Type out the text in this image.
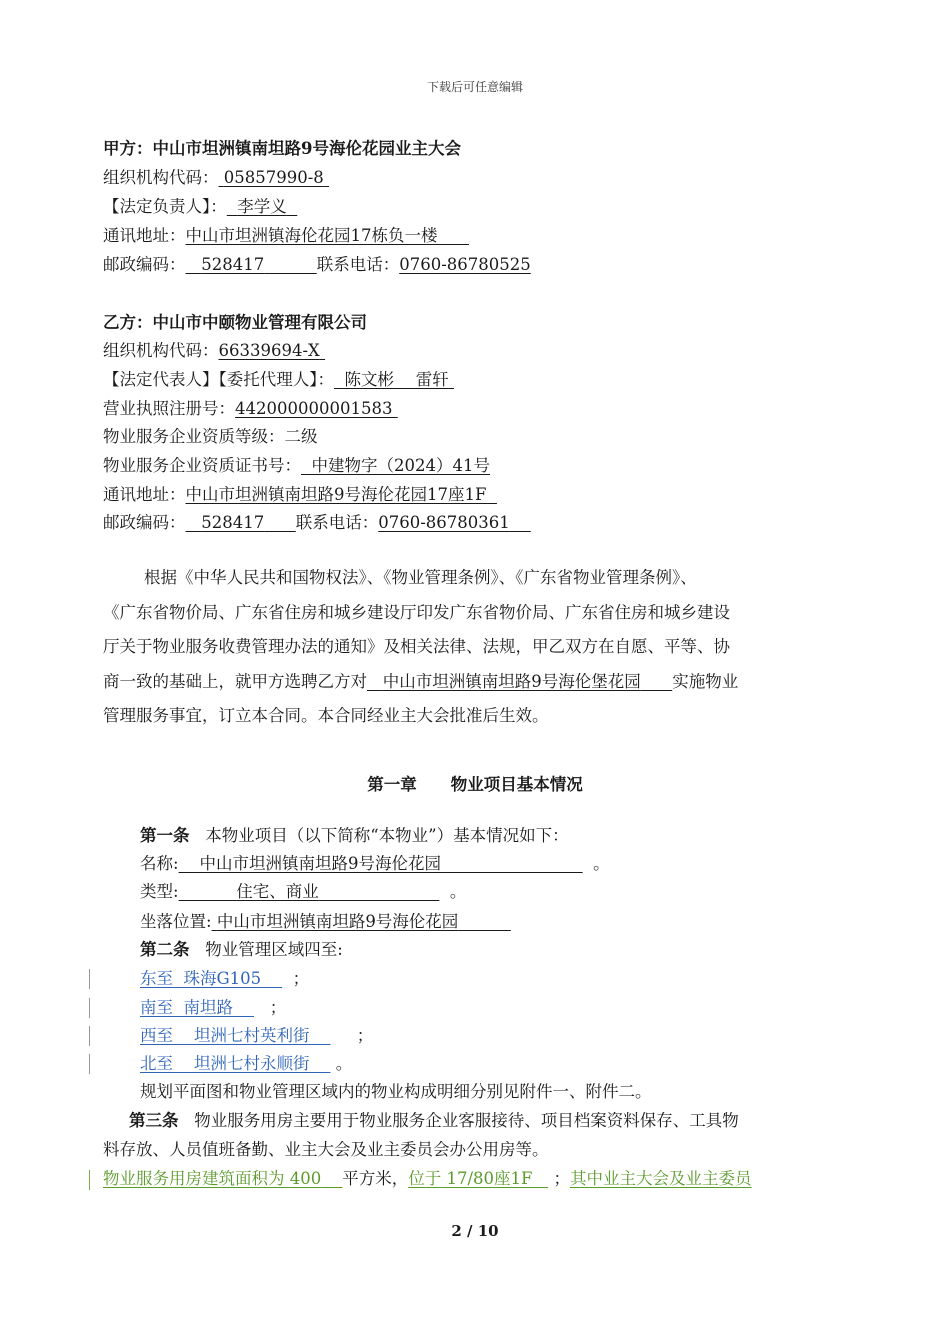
下载后可任意编辑
甲方：中山市坦洲镇南坦路9号海伦花园业主大会
组织机构代码： 05857990-8
【法定负责人】： 李学义
通讯地址：中山市坦洲镇海伦花园17栋负一楼
邮政编码： 528417	联系电话：0760-86780525
乙方：中山市中颐物业管理有限公司
组织机构代码：66339694-X
【法定代表人】【委托代理人】： 陈文彬　 雷轩
营业执照注册号：442000000001583
物业服务企业资质等级：二级
物业服务企业资质证书号： 中建物字（2024）41号
通讯地址：中山市坦洲镇南坦路9号海伦花园17座1F
邮政编码： 528417 联系电话：0760-86780361
根据《中华人民共和国物权法》、《物业管理条例》、《广东省物业管理条例》、
《广东省物价局、广东省住房和城乡建设厅印发广东省物价局、广东省住房和城乡建设
厅关于物业服务收费管理办法的通知》及相关法律、法规，甲乙双方在自愿、平等、协
商一致的基础上，就甲方选聘乙方对 中山市坦洲镇南坦路9号海伦堡花园 实施物业
管理服务事宜，订立本合同。本合同经业主大会批准后生效。
第一章 物业项目基本情况
第一条 本物业项目（以下简称“本物业”）基本情况如下：
名称: 中山市坦洲镇南坦路9号海伦花园	。
类型:	住宅、商业	。
坐落位置: 中山市坦洲镇南坦路9号海伦花园
第二条 物业管理区域四至:
东至 珠海G105 ；
南至 南坦路 ；
西至 坦洲七村英利街	；
北至 坦洲七村永顺街 。
规划平面图和物业管理区域内的物业构成明细分别见附件一、附件二。
第三条 物业服务用房主要用于物业服务企业客服接待、项目档案资料保存、工具物
料存放、人员值班备勤、业主大会及业主委员会办公用房等。
物业服务用房建筑面积为 400 平方米，位于 17/80座1F ；其中业主大会及业主委员
2 / 10
